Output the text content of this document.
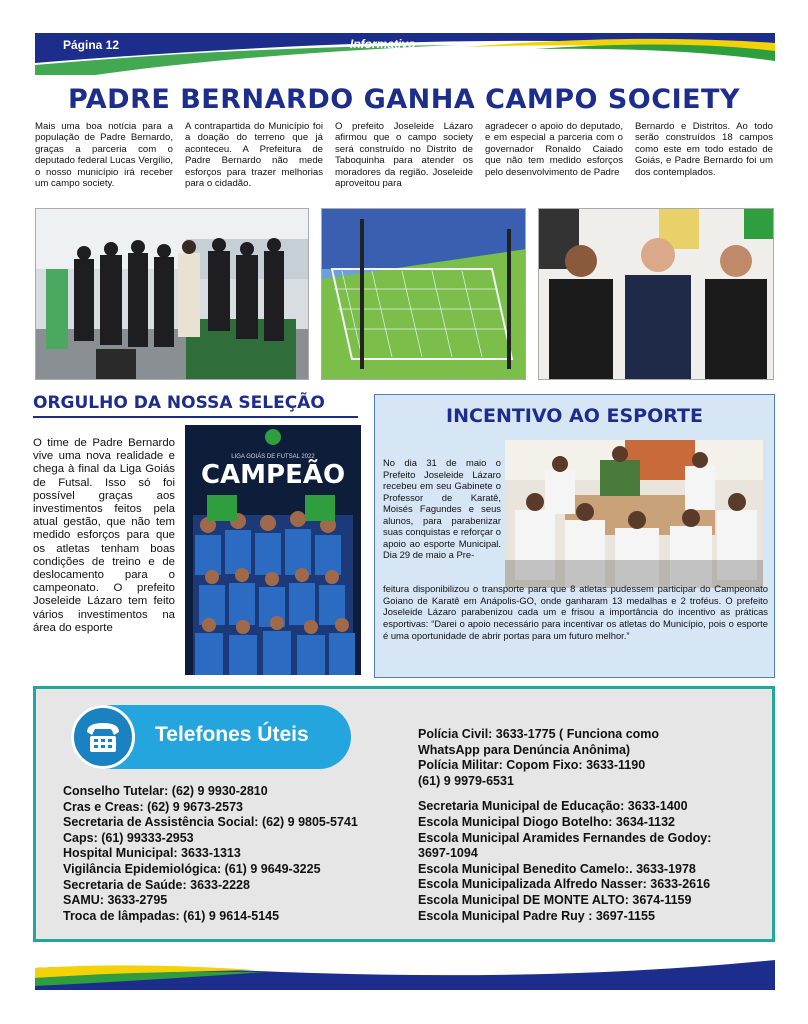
Página 12	Informativo
PADRE BERNARDO GANHA CAMPO SOCIETY
Mais uma boa notícia para a população de Padre Bernardo, graças a parceria com o deputado federal Lucas Vergílio, o nosso município irá receber um campo society.
A contrapartida do Município foi a doação do terreno que já aconteceu. A Prefeitura de Padre Bernardo não mede esforços para trazer melhorias para o cidadão.
O prefeito Joseleide Lázaro afirmou que o campo society será construído no Distrito de Taboquinha para atender os moradores da região. Joseleide aproveitou para
agradecer o apoio do deputado, e em especial a parceria com o governador Ronaldo Caiado que não tem medido esforços pelo desenvolvimento de Padre
Bernardo e Distritos. Ao todo serão construídos 18 campos como este em todo estado de Goiás, e Padre Bernardo foi um dos contemplados.
ORGULHO DA NOSSA SELEÇÃO
O time de Padre Bernardo vive uma nova realidade e chega à final da Liga Goiás de Futsal. Isso só foi possível graças aos investimentos feitos pela atual gestão, que não tem medido esforços para que os atletas tenham boas condições de treino e de deslocamento para o campeonato. O prefeito Joseleide Lázaro tem feito vários investimentos na área do esporte
LIGA GOIÁS DE FUTSAL 2022
CAMPEÃO
INCENTIVO AO ESPORTE
No dia 31 de maio o Prefeito Joseleide Lázaro recebeu em seu Gabinete o Professor de Karatê, Moisés Fagundes e seus alunos, para parabenizar suas conquistas e reforçar o apoio ao esporte Municipal. Dia 29 de maio a Pre-
feitura disponibilizou o transporte para que 8 atletas pudessem participar do Campeonato Goiano de Karatê em Anápolis-GO, onde ganharam 13 medalhas e 2 troféus. O prefeito Joseleide Lázaro parabenizou cada um e frisou a importância do incentivo as práticas esportivas: “Darei o apoio necessário para incentivar os atletas do Município, pois o esporte é uma oportunidade de abrir portas para um futuro melhor.”
Telefones Úteis
Conselho Tutelar: (62) 9 9930-2810
Cras e Creas: (62) 9 9673-2573
Secretaria de Assistência Social: (62) 9 9805-5741
Caps: (61) 99333-2953
Hospital Municipal: 3633-1313
Vigilância Epidemiológica: (61) 9 9649-3225
Secretaria de Saúde: 3633-2228
SAMU: 3633-2795
Troca de lâmpadas: (61) 9 9614-5145
Polícia Civil: 3633-1775 ( Funciona como
WhatsApp para Denúncia Anônima)
Polícia Militar: Copom Fixo: 3633-1190
(61) 9 9979-6531
Secretaria Municipal de Educação: 3633-1400
Escola Municipal Diogo Botelho: 3634-1132
Escola Municipal Aramides Fernandes de Godoy:
3697-1094
Escola Municipal Benedito Camelo:. 3633-1978
Escola Municipalizada Alfredo Nasser: 3633-2616
Escola Municipal DE MONTE ALTO: 3674-1159
Escola Municipal Padre Ruy : 3697-1155
